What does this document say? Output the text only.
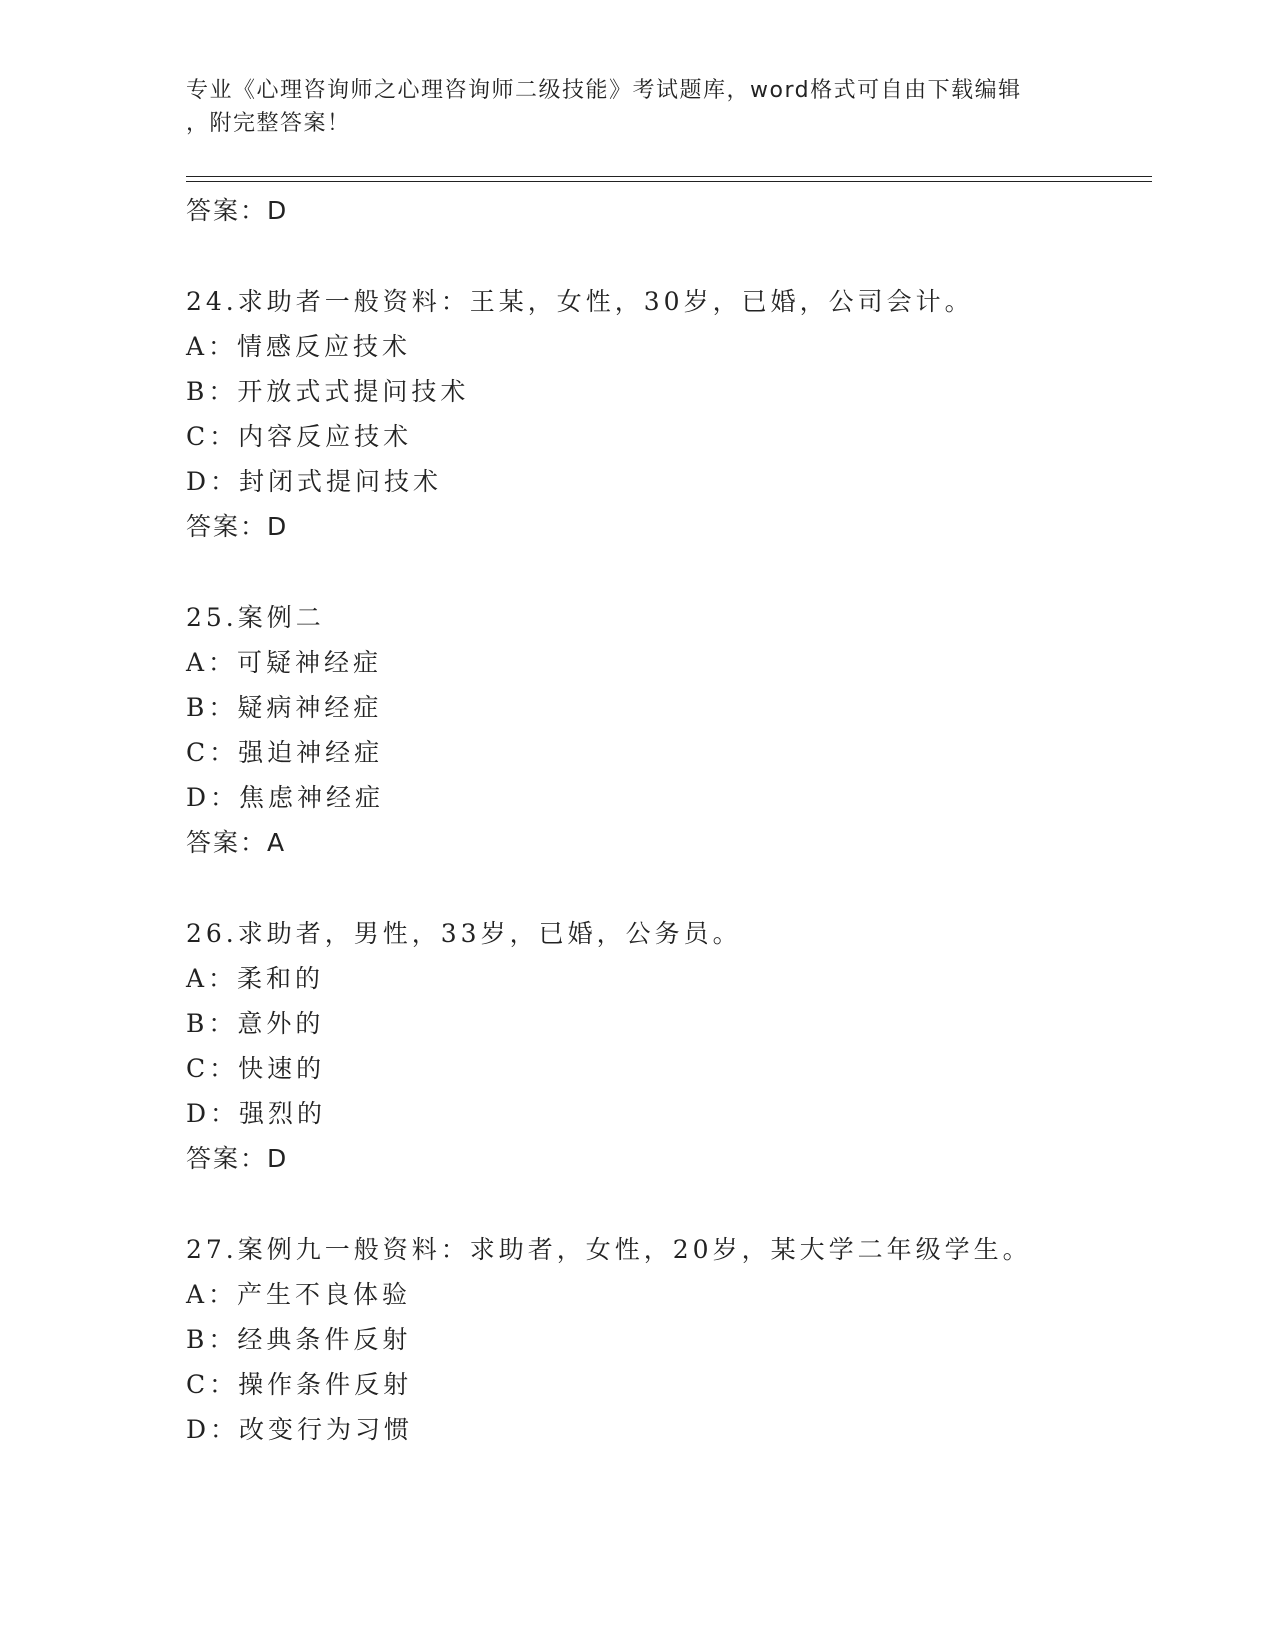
专业《心理咨询师之心理咨询师二级技能》考试题库，word格式可自由下载编辑
，附完整答案！
答案：D
24.求助者一般资料：王某，女性，30岁，已婚，公司会计。
A：情感反应技术
B：开放式式提问技术
C：内容反应技术
D：封闭式提问技术
答案：D
25.案例二
A：可疑神经症
B：疑病神经症
C：强迫神经症
D：焦虑神经症
答案：A
26.求助者，男性，33岁，已婚，公务员。
A：柔和的
B：意外的
C：快速的
D：强烈的
答案：D
27.案例九一般资料：求助者，女性，20岁，某大学二年级学生。
A：产生不良体验
B：经典条件反射
C：操作条件反射
D：改变行为习惯
